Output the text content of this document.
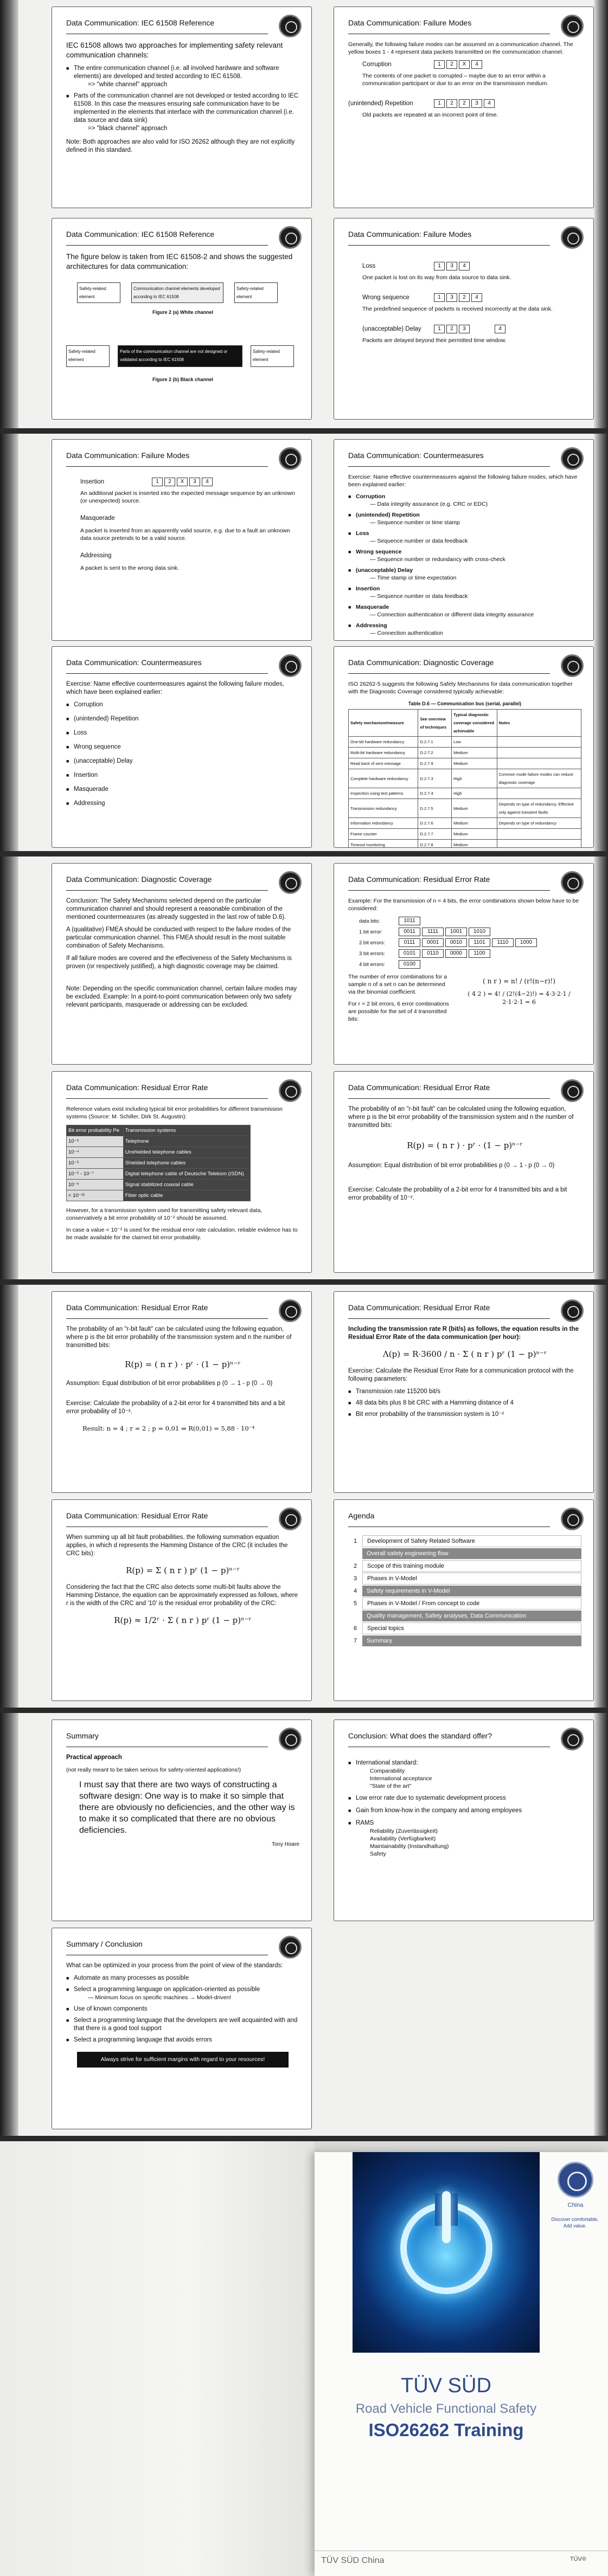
Data Communication: IEC 61508 Reference

IEC 61508 allows two approaches for implementing safety relevant communication channels:

■ The entire communication channel (i.e. all involved hardware and software elements) are developed and tested according to IEC 61508.
=> "white channel" approach
■ Parts of the communication channel are not developed or tested according to IEC 61508. In this case the measures ensuring safe communication have to be implemented in the elements that interface with the communication channel (i.e. data source and data sink)
=> "black channel" approach

Note: Both approaches are also valid for ISO 26262 although they are not explicitly defined in this standard.

Data Communication: Failure Modes

Generally, the following failure modes can be assumed on a communication channel. The yellow boxes 1 - 4 represent data packets transmitted on the communication channel.

Corruption	1	2	X	4

The contents of one packet is corrupted – maybe due to an error within a communication participant or due to an error on the transmission medium.

(unintended) Repetition	1	2	2	3	4

Old packets are repeated at an incorrect point of time.

Data Communication: IEC 61508 Reference

The figure below is taken from IEC 61508-2 and shows the suggested architectures for data communication:

Safety-related element
Communication channel elements developed according to IEC 61508
Safety-related element
Figure 2 (a) White channel
Safety-related element
Parts of the communication channel are not designed or validated according to IEC 61508
Safety-related element
Figure 2 (b) Black channel
Data Communication: Failure Modes
Loss	1	3	4

One packet is lost on its way from data source to data sink.

Wrong sequence	1	3	2	4

The predefined sequence of packets is received incorrectly at the data sink.

(unacceptable) Delay	1	2	3	4

Packets are delayed beyond their permitted time window.

Data Communication: Failure Modes
Insertion	1	2	X	3	4

An additional packet is inserted into the expected message sequence by an unknown (or unexpected) source.

Masquerade

A packet is inserted from an apparently valid source, e.g. due to a fault an unknown data source pretends to be a valid source.

Addressing

A packet is sent to the wrong data sink.

Data Communication: Countermeasures

Exercise: Name effective countermeasures against the following failure modes, which have been explained earlier:

■ Corruption
— Data integrity assurance (e.g. CRC or EDC)
■ (unintended) Repetition
— Sequence number or time stamp
■ Loss
— Sequence number or data feedback
■ Wrong sequence
— Sequence number or redundancy with cross-check
■ (unacceptable) Delay
— Time stamp or time expectation
■ Insertion
— Sequence number or data feedback
■ Masquerade
— Connection authentication or different data integrity assurance
■ Addressing
— Connection authentication
Data Communication: Countermeasures

Exercise: Name effective countermeasures against the following failure modes, which have been explained earlier:

■ Corruption
■ (unintended) Repetition
■ Loss
■ Wrong sequence
■ (unacceptable) Delay
■ Insertion
■ Masquerade
■ Addressing
Data Communication: Diagnostic Coverage

ISO 26262-5 suggests the following Safety Mechanisms for data communication together with the Diagnostic Coverage considered typically achievable:

Table D.6 — Communication bus (serial, parallel)

Safety mechanism/measure	See overview of techniques	Typical diagnostic coverage considered achievable	Notes
One-bit hardware redundancy	D.2.7.1	Low	
Multi-bit hardware redundancy	D.2.7.2	Medium	
Read back of sent message	D.2.7.9	Medium	
Complete hardware redundancy	D.2.7.3	High	Common mode failure modes can reduce diagnostic coverage
Inspection using test patterns	D.2.7.4	High	
Transmission redundancy	D.2.7.5	Medium	Depends on type of redundancy. Effective only against transient faults
Information redundancy	D.2.7.6	Medium	Depends on type of redundancy
Frame counter	D.2.7.7	Medium	
Timeout monitoring	D.2.7.8	Medium	

Data Communication: Diagnostic Coverage

Conclusion: The Safety Mechanisms selected depend on the particular communication channel and should represent a reasonable combination of the mentioned countermeasures (as already suggested in the last row of table D.6).

A (qualitative) FMEA should be conducted with respect to the failure modes of the particular communication channel. This FMEA should result in the most suitable combination of Safety Mechanisms.

If all failure modes are covered and the effectiveness of the Safety Mechanisms is proven (or respectively justified), a high diagnostic coverage may be claimed.

Note: Depending on the specific communication channel, certain failure modes may be excluded. Example: In a point-to-point communication between only two safety relevant participants, masquerade or addressing can be excluded.

Data Communication: Residual Error Rate

Example: For the transmission of n = 4 bits, the error combinations shown below have to be considered:

data bits:	1011
1 bit error:	0011	1111	1001	1010
2 bit errors:	0111	0001	0010	1101	1110	1000
3 bit errors:	0101	0110	0000	1100
4 bit errors:	0100

The number of error combinations for a sample n of a set n can be determined via the binomial coefficient.

For r = 2 bit errors, 6 error combinations are possible for the set of 4 transmitted bits:

( n r ) = n! / (r!(n−r)!)

( 4 2 ) = 4! / (2!(4−2)!) = 4·3·2·1 / 2·1·2·1 = 6

Data Communication: Residual Error Rate

Reference values exist including typical bit error probabilities for different transmission systems (Source: M. Schiller, Dirk St. Augustin):

Bit error probability Pe	Transmission systems
10⁻³	Telephone
10⁻⁴	Unshielded telephone cables
10⁻⁵	Shielded telephone cables
10⁻⁵ - 10⁻⁷	Digital telephone cable of Deutsche Telekom (ISDN)
10⁻⁹	Signal stabilized coaxial cable
< 10⁻¹²	Fiber optic cable

However, for a transmission system used for transmitting safety relevant data, conservatively a bit error probability of 10⁻² should be assumed.

In case a value < 10⁻² is used for the residual error rate calculation, reliable evidence has to be made available for the claimed bit error probability.

Data Communication: Residual Error Rate

The probability of an "r-bit fault" can be calculated using the following equation, where p is the bit error probability of the transmission system and n the number of transmitted bits:

R(p) = ( n r ) · pʳ · (1 − p)ⁿ⁻ʳ

Assumption: Equal distribution of bit error probabilities p (0 → 1 - p (0 → 0)

Exercise: Calculate the probability of a 2-bit error for 4 transmitted bits and a bit error probability of 10⁻².

Data Communication: Residual Error Rate

The probability of an "r-bit fault" can be calculated using the following equation, where p is the bit error probability of the transmission system and n the number of transmitted bits:

R(p) = ( n r ) · pʳ · (1 − p)ⁿ⁻ʳ

Assumption: Equal distribution of bit error probabilities p (0 → 1 - p (0 → 0)

Exercise: Calculate the probability of a 2-bit error for 4 transmitted bits and a bit error probability of 10⁻².

Result: n = 4 ; r = 2 ; p = 0,01 ⇒ R(0,01) = 5,88 · 10⁻⁴

Data Communication: Residual Error Rate

Including the transmission rate R (bit/s) as follows, the equation results in the Residual Error Rate of the data communication (per hour):

Λ(p) = R·3600 / n · Σ ( n r ) pʳ (1 − p)ⁿ⁻ʳ

Exercise: Calculate the Residual Error Rate for a communication protocol with the following parameters:

■ Transmission rate 115200 bit/s
■ 48 data bits plus 8 bit CRC with a Hamming distance of 4
■ Bit error probability of the transmission system is 10⁻²
Data Communication: Residual Error Rate

When summing up all bit fault probabilities, the following summation equation applies, in which d represents the Hamming Distance of the CRC (it includes the CRC bits):

R(p) = Σ ( n r ) pʳ (1 − p)ⁿ⁻ʳ

Considering the fact that the CRC also detects some multi-bit faults above the Hamming Distance, the equation can be approximately expressed as follows, where r is the width of the CRC and '10' is the residual error probability of the CRC:

R(p) ≈ 1/2ʳ · Σ ( n r ) pʳ (1 − p)ⁿ⁻ʳ

Agenda
1	Development of Safety Related Software
Overall safety engineering flow
2	Scope of this training module
3	Phases in V-Model
4	Safety requirements in V-Model
5	Phases in V-Model / From concept to code
Quality management, Safety analyses, Data Communication
6	Special topics
7	Summary
Summary

Practical approach

(not really meant to be taken serious for safety-oriented applications!)

I must say that there are two ways of constructing a software design: One way is to make it so simple that there are obviously no deficiencies, and the other way is to make it so complicated that there are no obvious deficiencies.

Tony Hoare

Conclusion: What does the standard offer?
■ International standard:
Comparability
International acceptance
"State of the art"
■ Low error rate due to systematic development process
■ Gain from know-how in the company and among employees
■ RAMS
Reliability (Zuverlässigkeit)
Availability (Verfügbarkeit)
Maintainability (Instandhaltung)
Safety
Summary / Conclusion

What can be optimized in your process from the point of view of the standards:

■ Automate as many processes as possible
■ Select a programming language on application-oriented as possible
— Minimum focus on specific machines → Model-driven!
■ Use of known components
■ Select a programming language that the developers are well acquainted with and that there is a good tool support
■ Select a programming language that avoids errors
Always strive for sufficient margins with regard to your resources!
China
Discover comfortable,
Add value.
TÜV SÜD
Road Vehicle Functional Safety
ISO26262 Training
TÜV SÜD China	TÜV®
